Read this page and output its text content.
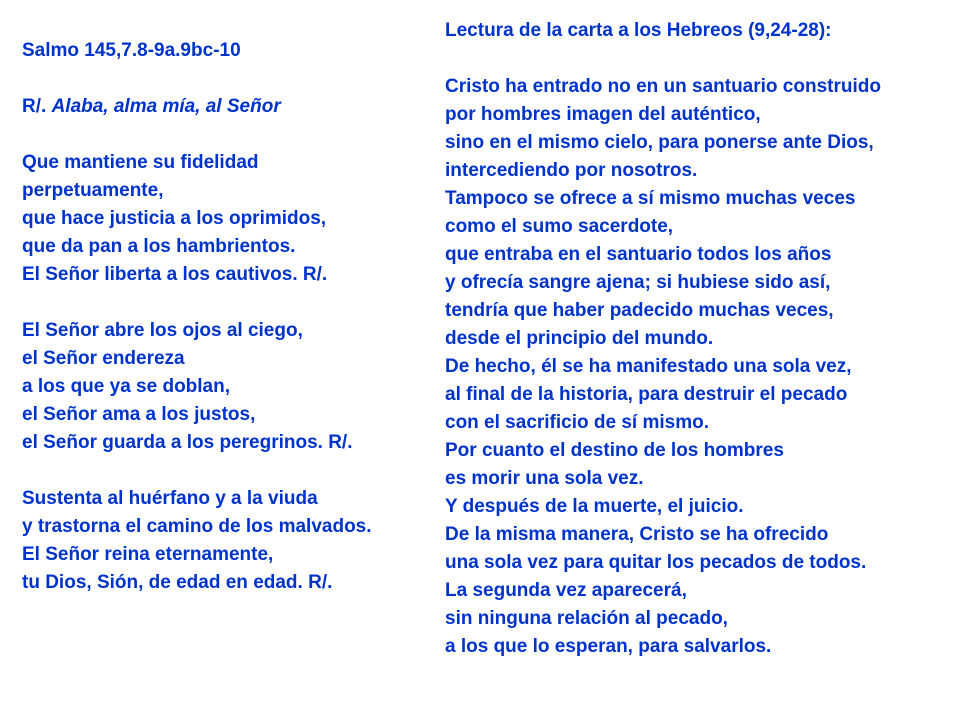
Salmo 145,7.8-9a.9bc-10
R/. Alaba, alma mía, al Señor
Que mantiene su fidelidad
perpetuamente,
que hace justicia a los oprimidos,
que da pan a los hambrientos.
El Señor liberta a los cautivos. R/.
El Señor abre los ojos al ciego,
el Señor endereza
a los que ya se doblan,
el Señor ama a los justos,
el Señor guarda a los peregrinos. R/.
Sustenta al huérfano y a la viuda
y trastorna el camino de los malvados.
El Señor reina eternamente,
tu Dios, Sión, de edad en edad. R/.
Lectura de la carta a los Hebreos (9,24-28):
Cristo ha entrado no en un santuario construido
por hombres imagen del auténtico,
sino en el mismo cielo, para ponerse ante Dios,
intercediendo por nosotros.
Tampoco se ofrece a sí mismo muchas veces
como el sumo sacerdote,
que entraba en el santuario todos los años
y ofrecía sangre ajena; si hubiese sido así,
tendría que haber padecido muchas veces,
desde el principio del mundo.
De hecho, él se ha manifestado una sola vez,
al final de la historia, para destruir el pecado
con el sacrificio de sí mismo.
Por cuanto el destino de los hombres
es morir una sola vez.
Y después de la muerte, el juicio.
De la misma manera, Cristo se ha ofrecido
una sola vez para quitar los pecados de todos.
La segunda vez aparecerá,
sin ninguna relación al pecado,
a los que lo esperan, para salvarlos.
